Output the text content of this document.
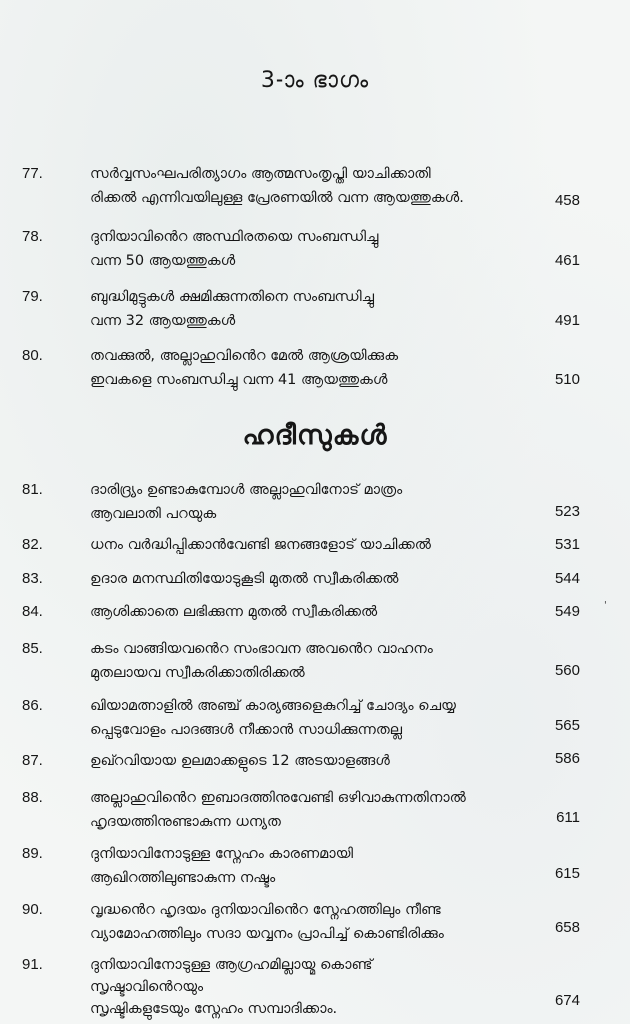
3-ാം ഭാഗം
77.	സർവ്വസംഘപരിത്യാഗം ആത്മസംതൃപ്തി യാചിക്കാതി
രിക്കൽ എന്നിവയിലുള്ള പ്രേരണയിൽ വന്ന ആയത്തുകൾ.	458
78.	ദുനിയാവിൻെറ അസ്ഥിരതയെ സംബന്ധിച്ചു
വന്ന 50 ആയത്തുകൾ	461
79.	ബുദ്ധിമുട്ടുകൾ ക്ഷമിക്കുന്നതിനെ സംബന്ധിച്ചു
വന്ന 32 ആയത്തുകൾ	491
80.	തവക്കുൽ, അല്ലാഹുവിൻെറ മേൽ ആശ്രയിക്കുക
ഇവകളെ സംബന്ധിച്ചു വന്ന 41 ആയത്തുകൾ	510
ഹദീസുകൾ
81.	ദാരിദ്ര്യം ഉണ്ടാകുമ്പോൾ അല്ലാഹുവിനോട് മാത്രം
ആവലാതി പറയുക	523
82.	ധനം വർദ്ധിപ്പിക്കാൻവേണ്ടി ജനങ്ങളോട് യാചിക്കൽ	531
83.	ഉദാര മനസ്ഥിതിയോടുകൂടി മുതൽ സ്വീകരിക്കൽ	544
84.	ആശിക്കാതെ ലഭിക്കുന്ന മുതൽ സ്വീകരിക്കൽ	549
85.	കടം വാങ്ങിയവൻെറ സംഭാവന അവൻെറ വാഹനം
മുതലായവ സ്വീകരിക്കാതിരിക്കൽ	560
86.	ഖിയാമത്നാളിൽ അഞ്ച് കാര്യങ്ങളെകുറിച്ച് ചോദ്യം ചെയ്യ
പ്പെടുവോളം പാദങ്ങൾ നീക്കാൻ സാധിക്കുന്നതല്ല	565
87.	ഉഖ്റവിയായ ഉലമാക്കളുടെ 12 അടയാളങ്ങൾ	586
88.	അല്ലാഹുവിൻെറ ഇബാദത്തിനുവേണ്ടി ഒഴിവാകുന്നതിനാൽ
ഹൃദയത്തിനുണ്ടാകുന്ന ധന്യത	611
89.	ദുനിയാവിനോടുള്ള സ്നേഹം കാരണമായി
ആഖിറത്തിലുണ്ടാകുന്ന നഷ്ടം	615
90.	വൃദ്ധൻെറ ഹൃദയം ദുനിയാവിൻെറ സ്നേഹത്തിലും നീണ്ട
വ്യാമോഹത്തിലും സദാ യവ്വനം പ്രാപിച്ച് കൊണ്ടിരിക്കും	658
91.	ദുനിയാവിനോടുള്ള ആഗ്രഹമില്ലായ്മ കൊണ്ട്
സൃഷ്ടാവിൻെറയും
സൃഷ്ടികളുടേയും സ്നേഹം സമ്പാദിക്കാം.	674
'
